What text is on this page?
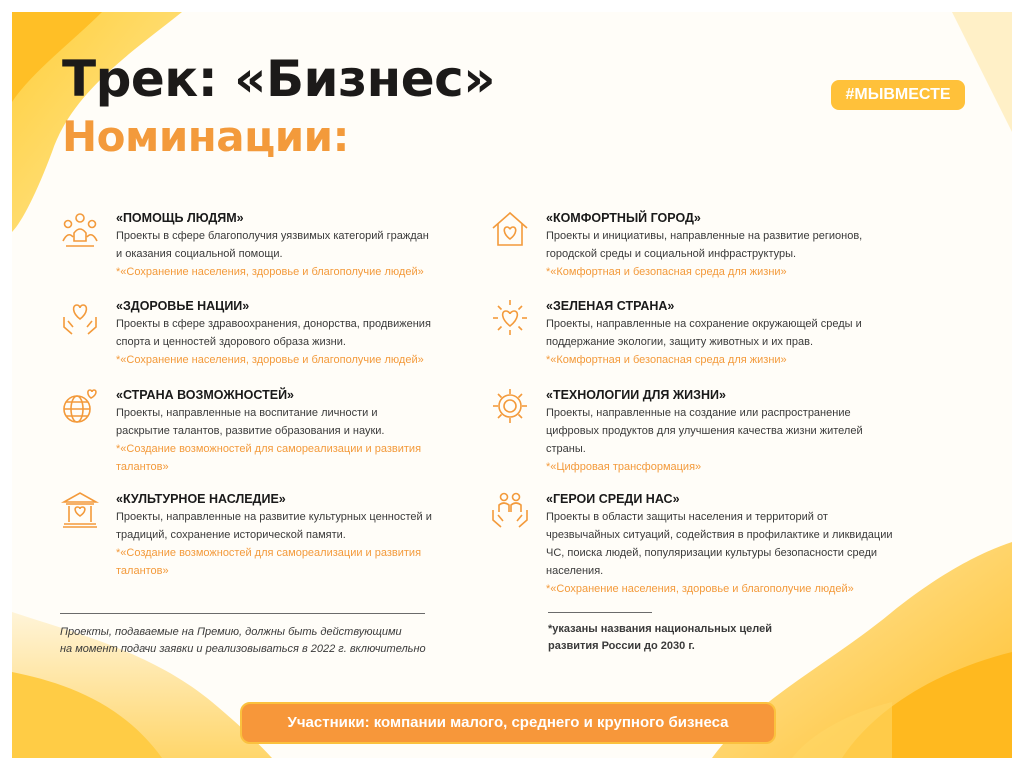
Трек: «Бизнес»
Номинации:
#МЫВМЕСТЕ
«ПОМОЩЬ ЛЮДЯМ»
Проекты в сфере благополучия уязвимых категорий граждан
и оказания социальной помощи.
*«Сохранение населения, здоровье и благополучие людей»
«ЗДОРОВЬЕ НАЦИИ»
Проекты в сфере здравоохранения, донорства, продвижения
спорта и ценностей здорового образа жизни.
*«Сохранение населения, здоровье и благополучие людей»
«СТРАНА ВОЗМОЖНОСТЕЙ»
Проекты, направленные на воспитание личности и
раскрытие талантов, развитие образования и науки.
*«Создание возможностей для самореализации и развития
талантов»
«КУЛЬТУРНОЕ НАСЛЕДИЕ»
Проекты, направленные на развитие культурных ценностей и
традиций, сохранение исторической памяти.
*«Создание возможностей для самореализации и развития
талантов»
«КОМФОРТНЫЙ ГОРОД»
Проекты и инициативы, направленные на развитие регионов,
городской среды и социальной инфраструктуры.
*«Комфортная и безопасная среда для жизни»
«ЗЕЛЕНАЯ СТРАНА»
Проекты, направленные на сохранение окружающей среды и
поддержание экологии, защиту животных и их прав.
*«Комфортная и безопасная среда для жизни»
«ТЕХНОЛОГИИ ДЛЯ ЖИЗНИ»
Проекты, направленные на создание или распространение
цифровых продуктов для улучшения качества жизни жителей
страны.
*«Цифровая трансформация»
«ГЕРОИ СРЕДИ НАС»
Проекты в области защиты населения и территорий от
чрезвычайных ситуаций, содействия в профилактике и ликвидации
ЧС, поиска людей, популяризации культуры безопасности среди
населения.
*«Сохранение населения, здоровье и благополучие людей»
Проекты, подаваемые на Премию, должны быть действующими
на момент подачи заявки и реализовываться в 2022 г. включительно
*указаны названия национальных целей
развития России до 2030 г.
Участники: компании малого, среднего и крупного бизнеса
